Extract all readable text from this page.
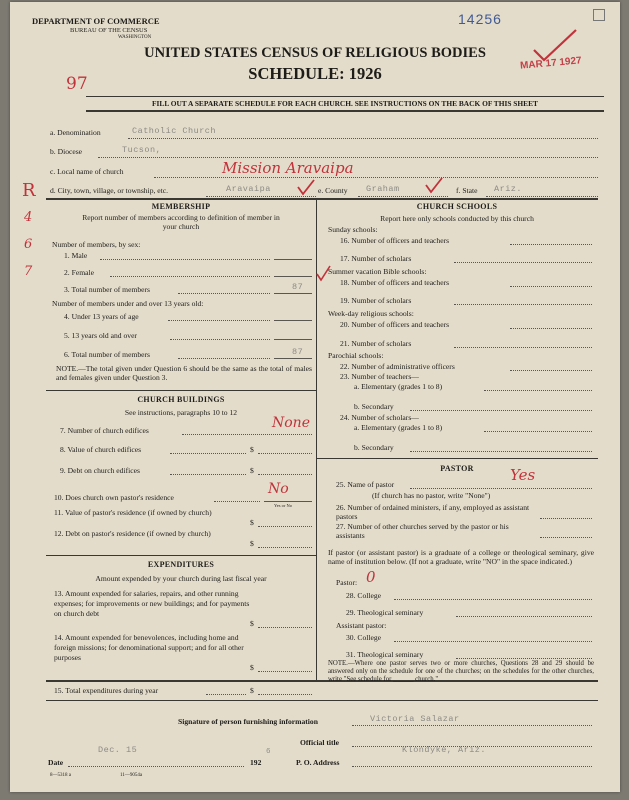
DEPARTMENT OF COMMERCE
BUREAU OF THE CENSUS
WASHINGTON
14256
MAR 17 1927
UNITED STATES CENSUS OF RELIGIOUS BODIES
SCHEDULE: 1926
97
FILL OUT A SEPARATE SCHEDULE FOR EACH CHURCH. SEE INSTRUCTIONS ON THE BACK OF THIS SHEET
R
4
6
7
a. Denomination	Catholic Church
b. Diocese	Tucson,
c. Local name of church	Mission Aravaipa
d. City, town, village, or township, etc.	Aravaipa	e. County Graham	f. State Ariz.
MEMBERSHIP
Report number of members according to definition of member in your church
Number of members, by sex:
1. Male
2. Female
3. Total number of members	87
Number of members under and over 13 years old:
4. Under 13 years of age
5. 13 years old and over
6. Total number of members	87
NOTE.—The total given under Question 6 should be the same as the total of males and females given under Question 3.
CHURCH BUILDINGS
See instructions, paragraphs 10 to 12
7. Number of church edifices	None
8. Value of church edifices	$
9. Debt on church edifices	$
10. Does church own pastor's residence
No
Yes or No
11. Value of pastor's residence (if owned by church)
$
12. Debt on pastor's residence (if owned by church)
$
EXPENDITURES
Amount expended by your church during last fiscal year
13. Amount expended for salaries, repairs, and other running expenses; for improvements or new buildings; and for payments on church debt
$
14. Amount expended for benevolences, including home and foreign missions; for denominational support; and for all other purposes
$
CHURCH SCHOOLS
Report here only schools conducted by this church
Sunday schools:
16. Number of officers and teachers
17. Number of scholars
Summer vacation Bible schools:
18. Number of officers and teachers
19. Number of scholars
Week-day religious schools:
20. Number of officers and teachers
21. Number of scholars
Parochial schools:
22. Number of administrative officers
23. Number of teachers—
a. Elementary (grades 1 to 8)
b. Secondary
24. Number of scholars—
a. Elementary (grades 1 to 8)
b. Secondary
PASTOR
25. Name of pastor
Yes
(If church has no pastor, write "None")
26. Number of ordained ministers, if any, employed as assistant pastors
27. Number of other churches served by the pastor or his assistants
If pastor (or assistant pastor) is a graduate of a college or theological seminary, give name of institution below. (If not a graduate, write "NO" in the space indicated.)
Pastor: 0
28. College
29. Theological seminary
Assistant pastor:
30. College
31. Theological seminary
NOTE.—Where one pastor serves two or more churches, Questions 28 and 29 should be answered only on the schedule for one of the churches; on the schedules for the other churches, write "See schedule for ______ church."
15. Total expenditures during year	$
Signature of person furnishing information	Victoria Salazar
Official title
Date
Dec. 15
192
6
P. O. Address
Klondyke, Ariz.
8—5318 a	11—9054a
